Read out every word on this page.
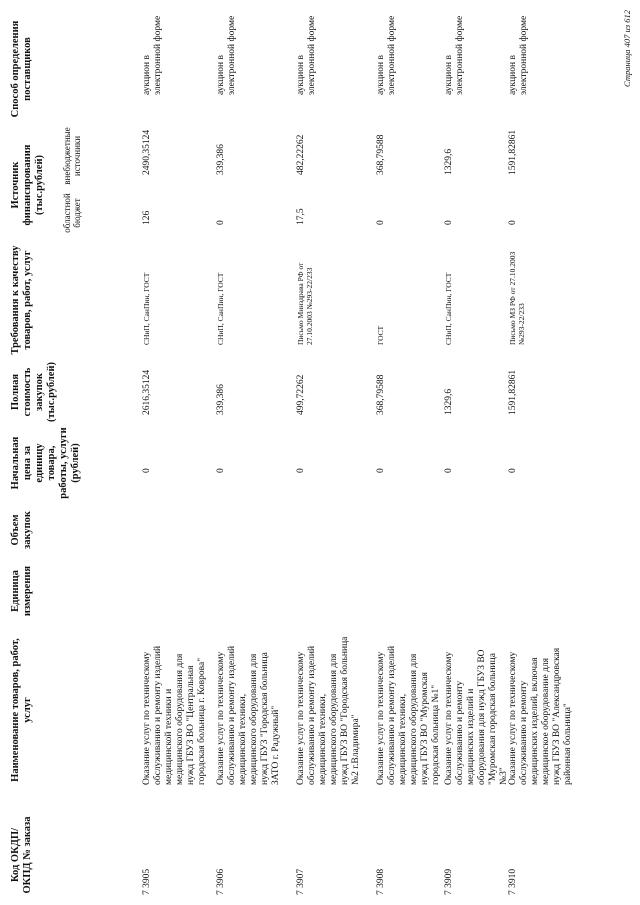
Код ОКДП/ ОКПД № заказа
Наименование товаров, работ, услуг
Единица измерения
Объем закупок
Начальная цена за единицу товара, работы, услуги (рублей)
Полная стоимость закупок (тыс.рублей)
Требования к качеству товаров, работ, услуг
Источник финансирования (тыс.рублей) областной бюджет
внебюджетные источники
Способ определения поставщиков
7 3905
Оказание услуг по техническому обслуживанию и ремонту изделий медицинской техники и медицинского оборудования для нужд ГБУЗ ВО "Центральная городская больница г. Коврова"
0
2616,35124
СНиП, СанПин, ГОСТ
126
2490,35124
аукцион в электронной форме
7 3906
Оказание услуг по техническому обслуживанию и ремонту изделий медицинской техники, медицинского оборудования для нужд ГБУЗ "Городская больница ЗАТО г. Радужный"
0
339,386
СНиП, СанПин, ГОСТ
0
339,386
аукцион в электронной форме
7 3907
Оказание услуг по техническому обслуживанию и ремонту изделий медицинской техники, медицинского оборудования для нужд ГБУЗ ВО "Городская больница №2 г.Владимира"
0
499,72262
Письмо Минздрава РФ от 27.10.2003 №293-22/233
17,5
482,22262
аукцион в электронной форме
7 3908
Оказание услуг по техническому обслуживанию и ремонту изделий медицинской техники, медицинского оборудования для нужд ГБУЗ ВО "Муромская городская больница №1"
0
368,79588
ГОСТ
0
368,79588
аукцион в электронной форме
7 3909
Оказание услуг по техническому обслуживанию и ремонту медицинских изделий и оборудования для нужд ГБУЗ ВО "Муромская городская больница №3"
0
1329,6
СНиП, СанПин, ГОСТ
0
1329,6
аукцион в электронной форме
7 3910
Оказание услуг по техническому обслуживанию и ремонту медицинских изделий, включая медицинское оборудование для нужд ГБУЗ ВО "Александровская районная больница"
0
1591,82861
Письмо МЗ РФ от 27.10.2003 №293-22/233
0
1591,82861
аукцион в электронной форме	Страница 407 из 612
